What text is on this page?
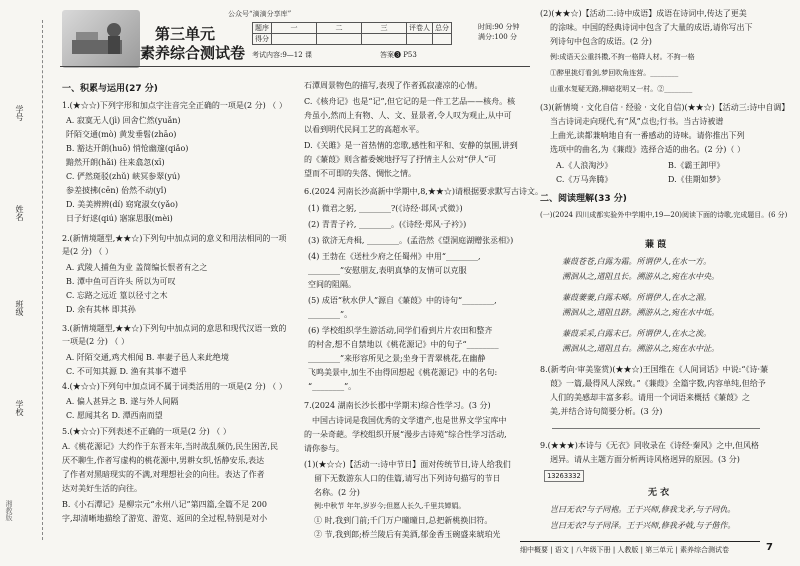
学号
姓名
班级
学校
湘教版
公众号“滴滴分享库”
第三单元
素养综合测试卷
题序	一	二	三	评卷人	总分
得分					
时间:90 分钟
满分:100 分
考试内容:9—12 课	答案➌ P53
一、积累与运用(27 分)
1.(★☆☆)下列字形和加点字注音完全正确的一项是(2 分) （ ）
A. 寂寞无人(jì) 回舍伫然(yuǎn)
阡陌交通(mò) 黄发垂髫(zhāo)
B. 豁达开朗(huō) 悄怆幽邃(qiǎo)
黯然开朗(hǎi) 往来翕忽(xī)
C. 俨然斑驳(zhǔ) 峡冥参翠(yú)
参差披拂(cēn) 佁然不动(yǐ)
D. 美美辨辨(dí) 窈窕淑女(yǎo)
日子好逑(qiú) 寤寐思服(mèi)
2.(新情境题型,★★☆)下列句中加点词的意义和用法相同的一项
是(2 分) （ ）
A. 武陵人捕鱼为业 盖简编长恨者有之之
B. 潭中鱼可百许头 所以为可叹
C. 忘路之远近 篁以径寸之木
D. 余有其林 即其孙
3.(新情境题型,★★☆)下列句中加点词的意思和现代汉语一致的
一项是(2 分) （ ）
A. 阡陌交通,鸡犬相闻 B. 率妻子邑人来此绝境
C. 不可知其源 D. 渔有其事不遗乎
4.(★☆☆)下列句中加点词不属于词类活用的一项是(2 分) （ ）
A. 偏人甚异之 B. 遂与外人间隔
C. 愿闻其名 D. 潭西南而望
5.(★☆☆)下列表述不正确的一项是(2 分) （ ）
A.《桃花源记》大约作于东晋末年,当时战乱频仍,民生困苦,民
厌不聊生,作者写虚构的桃花源中,男耕女织,恬静安乐,表达
了作者对黑暗现实的不满,对理想社会的向往。表达了作者
达对美好生活的向往。
B.《小石潭记》是柳宗元“永州八记”第四篇,全篇不足 200
字,却清晰地描绘了游览、游览、返回的全过程,特别是对小
石潭周景物色的描写,表现了作者孤寂凄凉的心情。
C.《核舟记》也是“记”,但它记的是一件工艺品——核舟。核
舟虽小,然而上有物、人、文、显景者,令人叹为观止,从中可
以看到明代民间工艺的高超水平。
D.《关雎》是一首热情的恋歌,感性和平和、安静的氛围,讲到
的《蒹葭》则含蓄委婉地抒写了抒情主人公对“伊人”可
望而不可即的失落、惆怅之情。
6.(2024 河南长沙高新中学期中,8,★★☆)请根据要求默写古诗文。
(1) 微君之躬, ________?(《诗经·邶风·式微》)
(2) 青青子衿, ________。(《诗经·郑风·子衿》)
(3) 欲济无舟楫, ________。(孟浩然《望洞庭湖赠张丞相》)
(4) 王勃在《送杜少府之任蜀州》中用“________,
________”安慰朋友,表明真挚的友情可以克服
空间的阻隔。
(5) 成语“秋水伊人”源自《蒹葭》中的诗句“________,
________”。
(6) 学校组织学生游活动,同学们看到片片农田和整齐
的村舍,想不自禁地以《桃花源记》中的句子“________
________”来形容所见之景;坐身于青翠桃花,在幽静
飞鸣美景中,加生不由得回想起《桃花源记》中的名句:
“________”。
7.(2024 湖南长沙长郡中学期末)综合性学习。(3 分)
中国古诗词是我国优秀的文学遗产,也是世界文学宝库中
的一朵奇葩。学校组织开展“漫步古诗苑”综合性学习活动,
请你参与。
(1)(★☆☆)【活动一:诗中节日】面对传统节日,诗人给我们
留下无数游东人口的佳篇,请写出下列诗句描写的节日
名称。(2 分)
例:中秋节 年年,岁岁今;但愿人长久,千里共婵娟。
① 时,我到门前;千门万户曈曈日,总把新桃换旧符。
② 节,我到郎;桥兰陵后有美酒,郁金香玉碗盛来琥珀光
(2)(★★☆)【活动二:诗中成语】成语在诗词中,传达了更美
的涂味。中国的经典诗词中包含了大量的成语,请你写出下
列诗句中包含的成语。(2 分)
例:成语天公重抖擞,不拘一格降人材。不拘一格
①醉里挑灯看剑,梦回吹角连营。________
山重水复疑无路,柳暗花明又一村。②________
(3)(新情境 · 文化自信 · 经验 · 文化自信)(★★☆)【活动三:诗中自调】
当古诗词走向现代,有“风”点也;行书。当古诗被谱
上曲光,读都兼响地自有一番感动的诗味。请你推出下列
选项中的曲名,为《蒹葭》选择合适的曲名。(2 分)（ ）
A.《人浪淘沙》	B.《霸王卸甲》
C.《万马奔腾》	D.《佳期如梦》
二、阅读理解(33 分)
(一)(2024 四川成都实验外中学期中,19—20)阅读下面的诗歌,完成题目。(6 分)
蒹 葭
蒹葭苍苍,白露为霜。所谓伊人,在水一方。
溯洄从之,道阻且长。溯游从之,宛在水中央。
蒹葭萋萋,白露未晞。所谓伊人,在水之湄。
溯洄从之,道阻且跻。溯游从之,宛在水中坻。
蒹葭采采,白露未已。所谓伊人,在水之涘。
溯洄从之,道阻且右。溯游从之,宛在水中沚。
8.(新考向·审美鉴赏)(★★☆)王国维在《人间词话》中说:“《诗·蒹
葭》一篇,最得风人深致。”《蒹葭》全篇字数,内容单纯,但给予
人们的美感却丰富多彩。请用一个词语来概括《蒹葭》之
美,并结合诗句简要分析。(3 分)
9.(★★★)本诗与《无衣》同收录在《诗经·秦风》之中,但风格
迥异。请从主题方面分析两诗风格迥异的原因。(3 分)
13263332
无 衣
岂曰无衣?与子同袍。王于兴师,修我戈矛,与子同仇。
岂曰无衣?与子同泽。王于兴师,修我矛戟,与子偕作。
细中概要 | 语文 | 八年级下册 | 人教版 | 第三单元 | 素养综合测试卷	7
